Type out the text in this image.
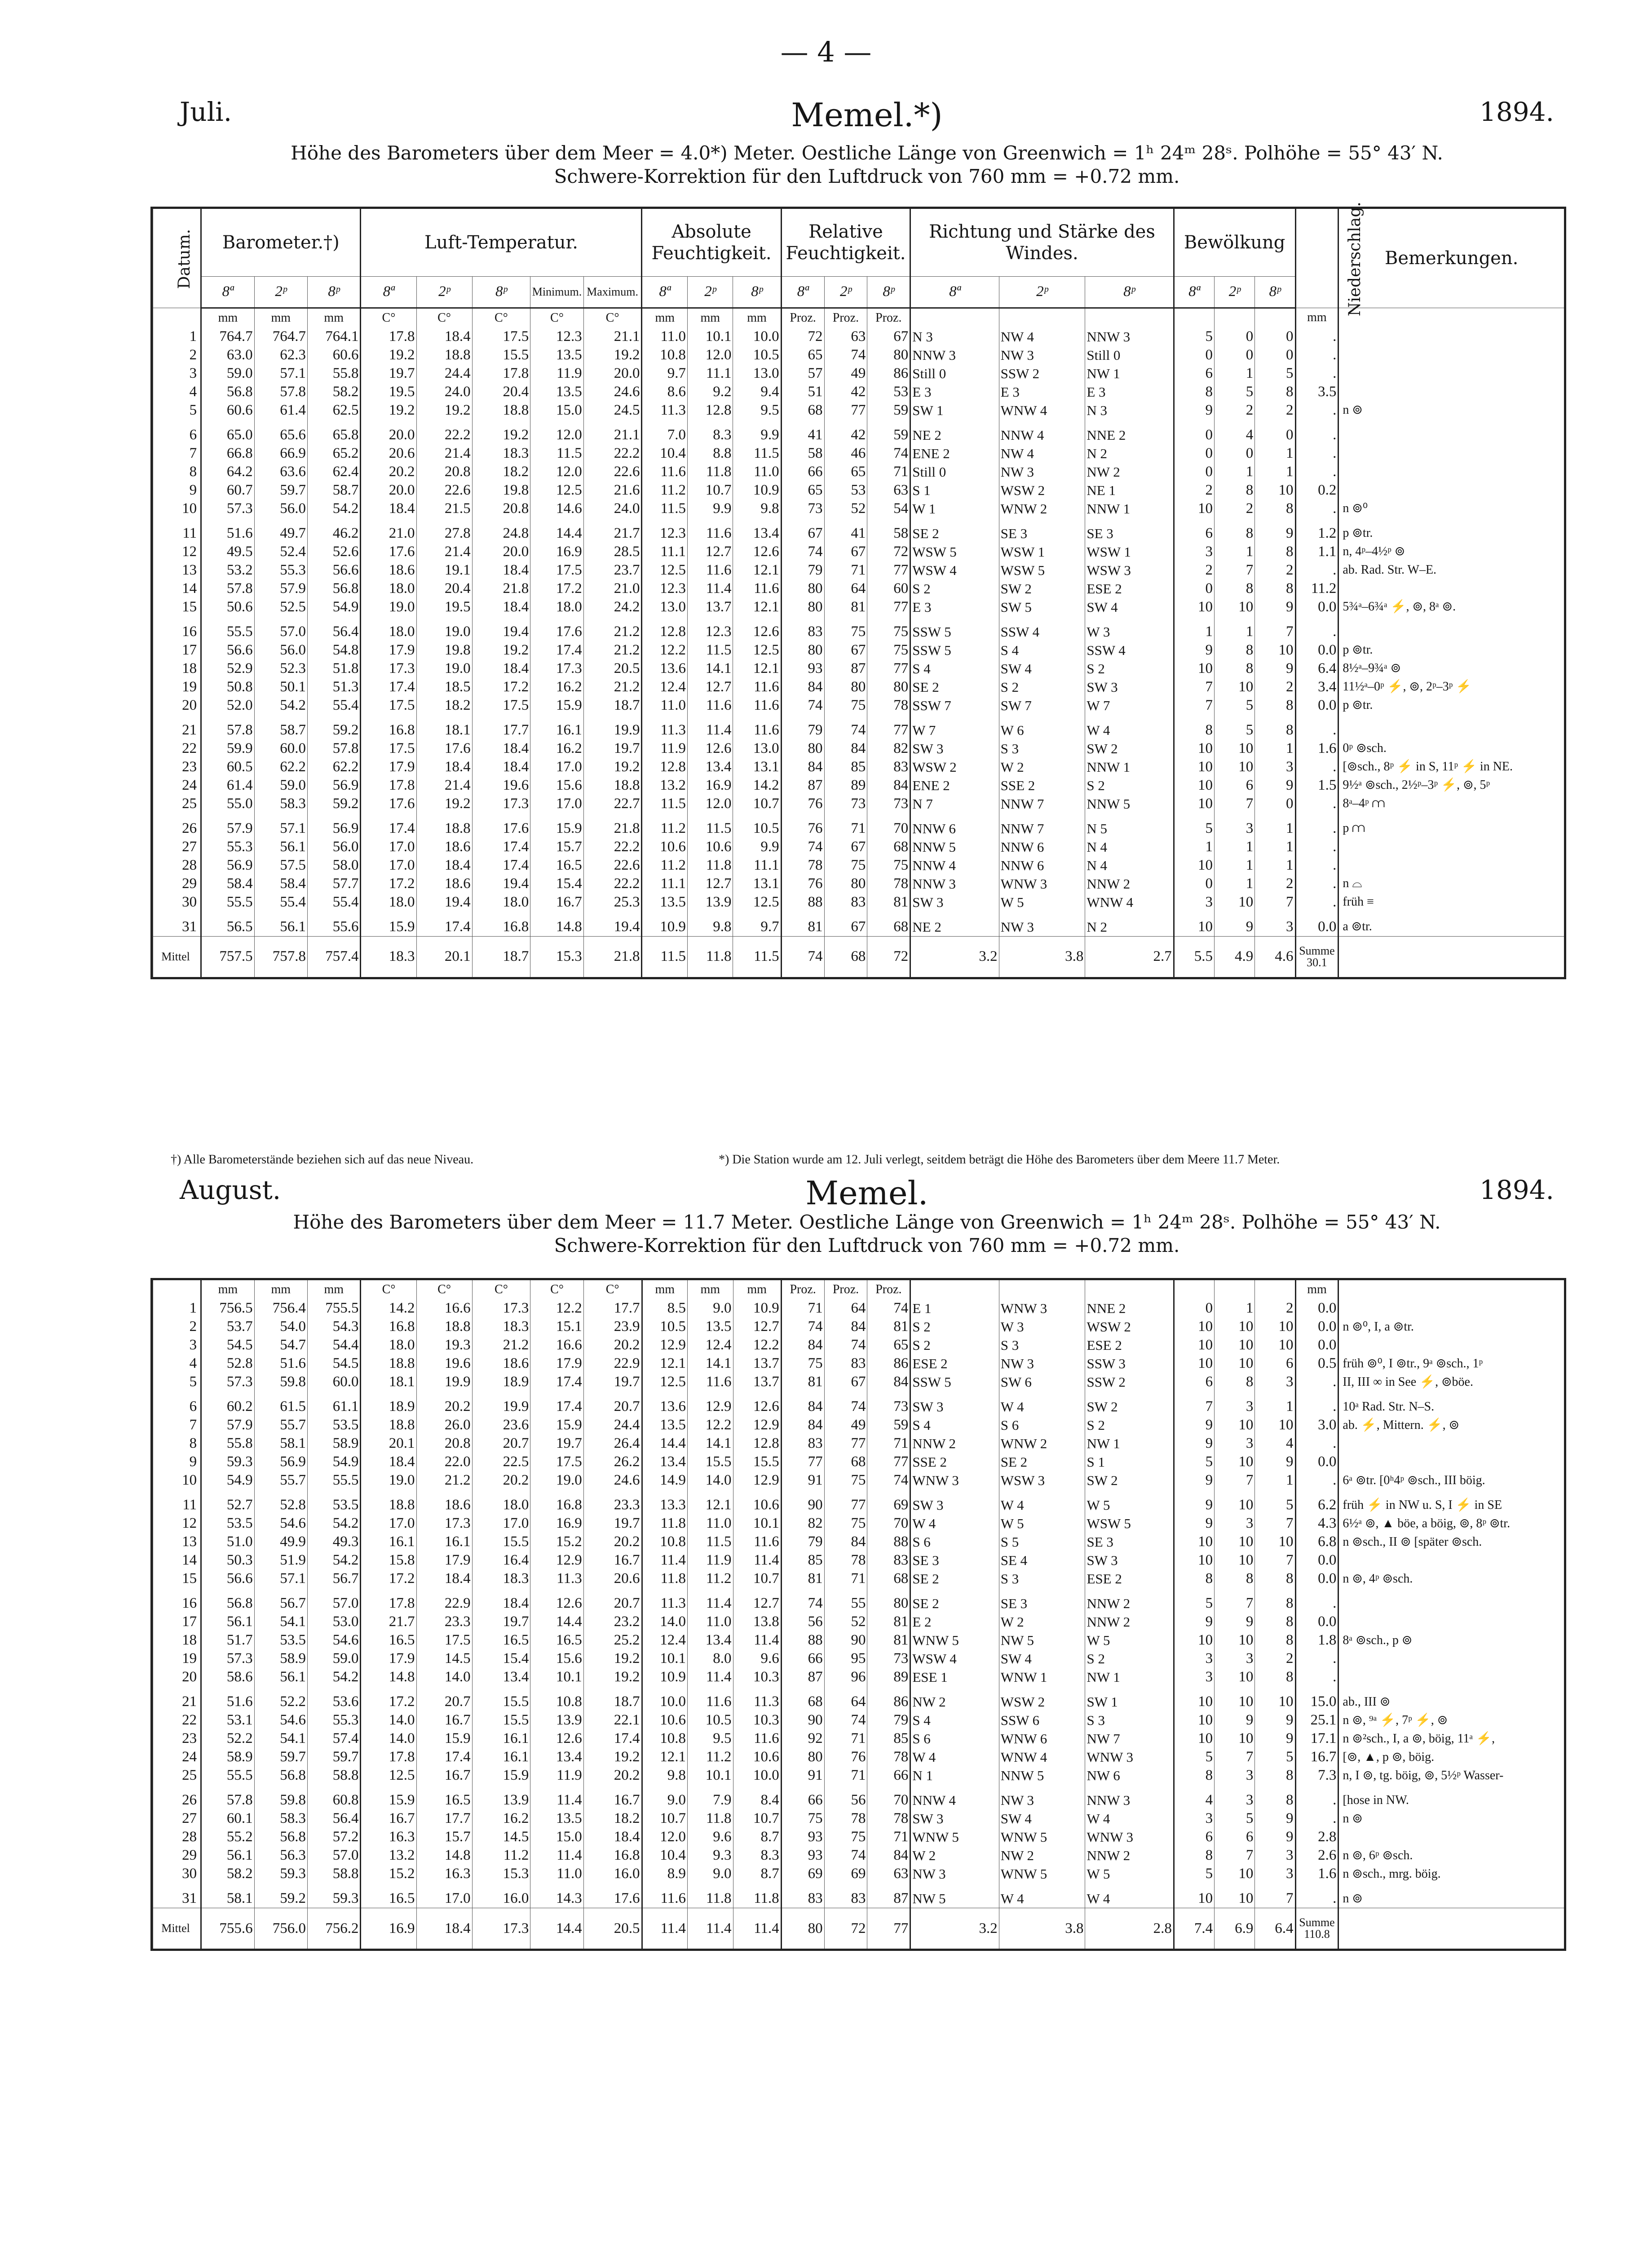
— 4 —
Juli.	Memel.*)	1894.
Höhe des Barometers über dem Meer = 4.0*) Meter. Oestliche Länge von Greenwich = 1ʰ 24ᵐ 28ˢ. Polhöhe = 55° 43′ N.
Schwere-Korrektion für den Luftdruck von 760 mm = +0.72 mm.
Datum.	Barometer.†)			Luft-Temperatur.					Absolute Feuchtigkeit.			Relative Feuchtigkeit.			Richtung und Stärke des Windes.			Bewölkung			Niederschlag.	Bemerkungen.
	8ª	2ᵖ	8ᵖ	8ª	2ᵖ	8ᵖ	Minimum.	Maximum.	8ª	2ᵖ	8ᵖ	8ª	2ᵖ	8ᵖ	8ª	2ᵖ	8ᵖ	8ª	2ᵖ	8ᵖ		
	mm	mm	mm	C°	C°	C°	C°	C°	mm	mm	mm	Proz.	Proz.	Proz.							mm	
1	764.7	764.7	764.1	17.8	18.4	17.5	12.3	21.1	11.0	10.1	10.0	72	63	67	N 3	NW 4	NNW 3	5	0	0	.	
2	63.0	62.3	60.6	19.2	18.8	15.5	13.5	19.2	10.8	12.0	10.5	65	74	80	NNW 3	NW 3	Still 0	0	0	0	.	
3	59.0	57.1	55.8	19.7	24.4	17.8	11.9	20.0	9.7	11.1	13.0	57	49	86	Still 0	SSW 2	NW 1	6	1	5	.	
4	56.8	57.8	58.2	19.5	24.0	20.4	13.5	24.6	8.6	9.2	9.4	51	42	53	E 3	E 3	E 3	8	5	8	3.5	
5	60.6	61.4	62.5	19.2	19.2	18.8	15.0	24.5	11.3	12.8	9.5	68	77	59	SW 1	WNW 4	N 3	9	2	2	.	n ⊚

6	65.0	65.6	65.8	20.0	22.2	19.2	12.0	21.1	7.0	8.3	9.9	41	42	59	NE 2	NNW 4	NNE 2	0	4	0	.	
7	66.8	66.9	65.2	20.6	21.4	18.3	11.5	22.2	10.4	8.8	11.5	58	46	74	ENE 2	NW 4	N 2	0	0	1	.	
8	64.2	63.6	62.4	20.2	20.8	18.2	12.0	22.6	11.6	11.8	11.0	66	65	71	Still 0	NW 3	NW 2	0	1	1	.	
9	60.7	59.7	58.7	20.0	22.6	19.8	12.5	21.6	11.2	10.7	10.9	65	53	63	S 1	WSW 2	NE 1	2	8	10	0.2	
10	57.3	56.0	54.2	18.4	21.5	20.8	14.6	24.0	11.5	9.9	9.8	73	52	54	W 1	WNW 2	NNW 1	10	2	8	.	n ⊚⁰

11	51.6	49.7	46.2	21.0	27.8	24.8	14.4	21.7	12.3	11.6	13.4	67	41	58	SE 2	SE 3	SE 3	6	8	9	1.2	p ⊚tr.
12	49.5	52.4	52.6	17.6	21.4	20.0	16.9	28.5	11.1	12.7	12.6	74	67	72	WSW 5	WSW 1	WSW 1	3	1	8	1.1	n, 4ᵖ–4½ᵖ ⊚
13	53.2	55.3	56.6	18.6	19.1	18.4	17.5	23.7	12.5	11.6	12.1	79	71	77	WSW 4	WSW 5	WSW 3	2	7	2	.	ab. Rad. Str. W–E.
14	57.8	57.9	56.8	18.0	20.4	21.8	17.2	21.0	12.3	11.4	11.6	80	64	60	S 2	SW 2	ESE 2	0	8	8	11.2	
15	50.6	52.5	54.9	19.0	19.5	18.4	18.0	24.2	13.0	13.7	12.1	80	81	77	E 3	SW 5	SW 4	10	10	9	0.0	5¾ᵃ–6¾ᵃ ⚡, ⊚, 8ᵃ ⊚.

16	55.5	57.0	56.4	18.0	19.0	19.4	17.6	21.2	12.8	12.3	12.6	83	75	75	SSW 5	SSW 4	W 3	1	1	7	.	
17	56.6	56.0	54.8	17.9	19.8	19.2	17.4	21.2	12.2	11.5	12.5	80	67	75	SSW 5	S 4	SSW 4	9	8	10	0.0	p ⊚tr.
18	52.9	52.3	51.8	17.3	19.0	18.4	17.3	20.5	13.6	14.1	12.1	93	87	77	S 4	SW 4	S 2	10	8	9	6.4	8½ᵃ–9¾ᵃ ⊚
19	50.8	50.1	51.3	17.4	18.5	17.2	16.2	21.2	12.4	12.7	11.6	84	80	80	SE 2	S 2	SW 3	7	10	2	3.4	11½ᵃ–0ᵖ ⚡, ⊚, 2ᵖ–3ᵖ ⚡
20	52.0	54.2	55.4	17.5	18.2	17.5	15.9	18.7	11.0	11.6	11.6	74	75	78	SSW 7	SW 7	W 7	7	5	8	0.0	p ⊚tr.

21	57.8	58.7	59.2	16.8	18.1	17.7	16.1	19.9	11.3	11.4	11.6	79	74	77	W 7	W 6	W 4	8	5	8	.	
22	59.9	60.0	57.8	17.5	17.6	18.4	16.2	19.7	11.9	12.6	13.0	80	84	82	SW 3	S 3	SW 2	10	10	1	1.6	0ᵖ ⊚sch.
23	60.5	62.2	62.2	17.9	18.4	18.4	17.0	19.2	12.8	13.4	13.1	84	85	83	WSW 2	W 2	NNW 1	10	10	3	.	[⊚sch., 8ᵖ ⚡ in S, 11ᵖ ⚡ in NE.
24	61.4	59.0	56.9	17.8	21.4	19.6	15.6	18.8	13.2	16.9	14.2	87	89	84	ENE 2	SSE 2	S 2	10	6	9	1.5	9½ᵃ ⊚sch., 2½ᵖ–3ᵖ ⚡, ⊚, 5ᵖ
25	55.0	58.3	59.2	17.6	19.2	17.3	17.0	22.7	11.5	12.0	10.7	76	73	73	N 7	NNW 7	NNW 5	10	7	0	.	8ᵃ–4ᵖ ⩋

26	57.9	57.1	56.9	17.4	18.8	17.6	15.9	21.8	11.2	11.5	10.5	76	71	70	NNW 6	NNW 7	N 5	5	3	1	.	p ⩋
27	55.3	56.1	56.0	17.0	18.6	17.4	15.7	22.2	10.6	10.6	9.9	74	67	68	NNW 5	NNW 6	N 4	1	1	1	.	
28	56.9	57.5	58.0	17.0	18.4	17.4	16.5	22.6	11.2	11.8	11.1	78	75	75	NNW 4	NNW 6	N 4	10	1	1	.	
29	58.4	58.4	57.7	17.2	18.6	19.4	15.4	22.2	11.1	12.7	13.1	76	80	78	NNW 3	WNW 3	NNW 2	0	1	2	.	n ⌓
30	55.5	55.4	55.4	18.0	19.4	18.0	16.7	25.3	13.5	13.9	12.5	88	83	81	SW 3	W 5	WNW 4	3	10	7	.	früh ≡

31	56.5	56.1	55.6	15.9	17.4	16.8	14.8	19.4	10.9	9.8	9.7	81	67	68	NE 2	NW 3	N 2	10	9	3	0.0	a ⊚tr.
Mittel	757.5	757.8	757.4	18.3	20.1	18.7	15.3	21.8	11.5	11.8	11.5	74	68	72	3.2	3.8	2.7	5.5	4.9	4.6	Summe 30.1	
†) Alle Barometerstände beziehen sich auf das neue Niveau.	*) Die Station wurde am 12. Juli verlegt, seitdem beträgt die Höhe des Barometers über dem Meere 11.7 Meter.
August.	Memel.	1894.
Höhe des Barometers über dem Meer = 11.7 Meter. Oestliche Länge von Greenwich = 1ʰ 24ᵐ 28ˢ. Polhöhe = 55° 43′ N.
Schwere-Korrektion für den Luftdruck von 760 mm = +0.72 mm.
	mm	mm	mm	C°	C°	C°	C°	C°	mm	mm	mm	Proz.	Proz.	Proz.							mm	
1	756.5	756.4	755.5	14.2	16.6	17.3	12.2	17.7	8.5	9.0	10.9	71	64	74	E 1	WNW 3	NNE 2	0	1	2	0.0	
2	53.7	54.0	54.3	16.8	18.8	18.3	15.1	23.9	10.5	13.5	12.7	74	84	81	S 2	W 3	WSW 2	10	10	10	0.0	n ⊚⁰, I, a ⊚tr.
3	54.5	54.7	54.4	18.0	19.3	21.2	16.6	20.2	12.9	12.4	12.2	84	74	65	S 2	S 3	ESE 2	10	10	10	0.0	
4	52.8	51.6	54.5	18.8	19.6	18.6	17.9	22.9	12.1	14.1	13.7	75	83	86	ESE 2	NW 3	SSW 3	10	10	6	0.5	früh ⊚⁰, I ⊚tr., 9ᵃ ⊚sch., 1ᵖ
5	57.3	59.8	60.0	18.1	19.9	18.9	17.4	19.7	12.5	11.6	13.7	81	67	84	SSW 5	SW 6	SSW 2	6	8	3	.	II, III ∞ in See ⚡, ⊚böe.

6	60.2	61.5	61.1	18.9	20.2	19.9	17.4	20.7	13.6	12.9	12.6	84	74	73	SW 3	W 4	SW 2	7	3	1	.	10ᵃ Rad. Str. N–S.
7	57.9	55.7	53.5	18.8	26.0	23.6	15.9	24.4	13.5	12.2	12.9	84	49	59	S 4	S 6	S 2	9	10	10	3.0	ab. ⚡, Mittern. ⚡, ⊚
8	55.8	58.1	58.9	20.1	20.8	20.7	19.7	26.4	14.4	14.1	12.8	83	77	71	NNW 2	WNW 2	NW 1	9	3	4	.	
9	59.3	56.9	54.9	18.4	22.0	22.5	17.5	26.2	13.4	15.5	15.5	77	68	77	SSE 2	SE 2	S 1	5	10	9	0.0	
10	54.9	55.7	55.5	19.0	21.2	20.2	19.0	24.6	14.9	14.0	12.9	91	75	74	WNW 3	WSW 3	SW 2	9	7	1	.	6ᵃ ⊚tr. [0ʰ4ᵖ ⊚sch., III böig.

11	52.7	52.8	53.5	18.8	18.6	18.0	16.8	23.3	13.3	12.1	10.6	90	77	69	SW 3	W 4	W 5	9	10	5	6.2	früh ⚡ in NW u. S, I ⚡ in SE
12	53.5	54.6	54.2	17.0	17.3	17.0	16.9	19.7	11.8	11.0	10.1	82	75	70	W 4	W 5	WSW 5	9	3	7	4.3	6½ᵃ ⊚, ▲ böe, a böig, ⊚, 8ᵖ ⊚tr.
13	51.0	49.9	49.3	16.1	16.1	15.5	15.2	20.2	10.8	11.5	11.6	79	84	88	S 6	S 5	SE 3	10	10	10	6.8	n ⊚sch., II ⊚ [später ⊚sch.
14	50.3	51.9	54.2	15.8	17.9	16.4	12.9	16.7	11.4	11.9	11.4	85	78	83	SE 3	SE 4	SW 3	10	10	7	0.0	
15	56.6	57.1	56.7	17.2	18.4	18.3	11.3	20.6	11.8	11.2	10.7	81	71	68	SE 2	S 3	ESE 2	8	8	8	0.0	n ⊚, 4ᵖ ⊚sch.

16	56.8	56.7	57.0	17.8	22.9	18.4	12.6	20.7	11.3	11.4	12.7	74	55	80	SE 2	SE 3	NNW 2	5	7	8	.	
17	56.1	54.1	53.0	21.7	23.3	19.7	14.4	23.2	14.0	11.0	13.8	56	52	81	E 2	W 2	NNW 2	9	9	8	0.0	
18	51.7	53.5	54.6	16.5	17.5	16.5	16.5	25.2	12.4	13.4	11.4	88	90	81	WNW 5	NW 5	W 5	10	10	8	1.8	8ᵃ ⊚sch., p ⊚
19	57.3	58.9	59.0	17.9	14.5	15.4	15.6	19.2	10.1	8.0	9.6	66	95	73	WSW 4	SW 4	S 2	3	3	2	.	
20	58.6	56.1	54.2	14.8	14.0	13.4	10.1	19.2	10.9	11.4	10.3	87	96	89	ESE 1	WNW 1	NW 1	3	10	8	.	

21	51.6	52.2	53.6	17.2	20.7	15.5	10.8	18.7	10.0	11.6	11.3	68	64	86	NW 2	WSW 2	SW 1	10	10	10	15.0	ab., III ⊚
22	53.1	54.6	55.3	14.0	16.7	15.5	13.9	22.1	10.6	10.5	10.3	90	74	79	S 4	SSW 6	S 3	10	9	9	25.1	n ⊚, ⁹ᵃ ⚡, 7ᵖ ⚡, ⊚
23	52.2	54.1	57.4	14.0	15.9	16.1	12.6	17.4	10.8	9.5	11.6	92	71	85	S 6	WNW 6	NW 7	10	10	9	17.1	n ⊚²sch., I, a ⊚, böig, 11ᵃ ⚡,
24	58.9	59.7	59.7	17.8	17.4	16.1	13.4	19.2	12.1	11.2	10.6	80	76	78	W 4	WNW 4	WNW 3	5	7	5	16.7	[⊚, ▲, p ⊚, böig.
25	55.5	56.8	58.8	12.5	16.7	15.9	11.9	20.2	9.8	10.1	10.0	91	71	66	N 1	NNW 5	NW 6	8	3	8	7.3	n, I ⊚, tg. böig, ⊚, 5½ᵖ Wasser-

26	57.8	59.8	60.8	15.9	16.5	13.9	11.4	16.7	9.0	7.9	8.4	66	56	70	NNW 4	NW 3	NNW 3	4	3	8	.	[hose in NW.
27	60.1	58.3	56.4	16.7	17.7	16.2	13.5	18.2	10.7	11.8	10.7	75	78	78	SW 3	SW 4	W 4	3	5	9	.	n ⊚
28	55.2	56.8	57.2	16.3	15.7	14.5	15.0	18.4	12.0	9.6	8.7	93	75	71	WNW 5	WNW 5	WNW 3	6	6	9	2.8	
29	56.1	56.3	57.0	13.2	14.8	11.2	11.4	16.8	10.4	9.3	8.3	93	74	84	W 2	NW 2	NNW 2	8	7	3	2.6	n ⊚, 6ᵖ ⊚sch.
30	58.2	59.3	58.8	15.2	16.3	15.3	11.0	16.0	8.9	9.0	8.7	69	69	63	NW 3	WNW 5	W 5	5	10	3	1.6	n ⊚sch., mrg. böig.

31	58.1	59.2	59.3	16.5	17.0	16.0	14.3	17.6	11.6	11.8	11.8	83	83	87	NW 5	W 4	W 4	10	10	7	.	n ⊚
Mittel	755.6	756.0	756.2	16.9	18.4	17.3	14.4	20.5	11.4	11.4	11.4	80	72	77	3.2	3.8	2.8	7.4	6.9	6.4	Summe 110.8	
